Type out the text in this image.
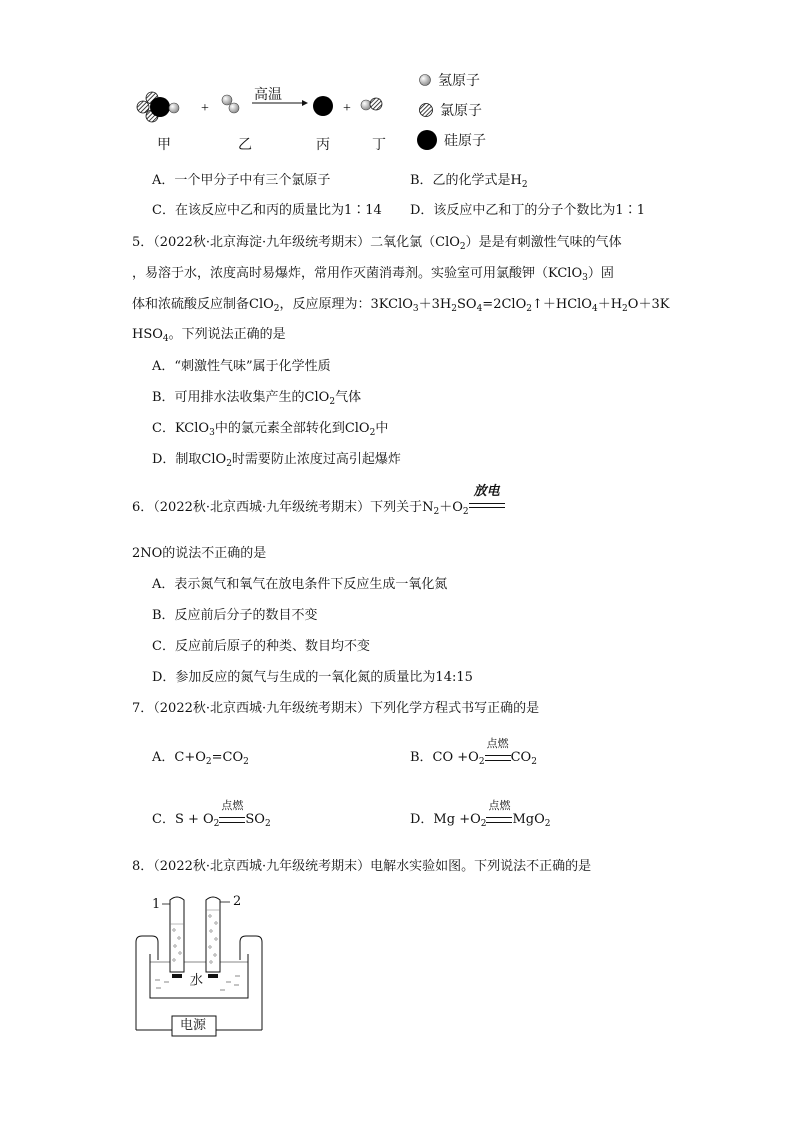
+	+
高温
甲	乙	丙	丁
氢原子
氯原子
硅原子
A．一个甲分子中有三个氯原子	B．乙的化学式是$H_2$
C．在该反应中乙和丙的质量比为1∶14 D．该反应中乙和丁的分子个数比为1∶1
5．（2022秋·北京海淀·九年级统考期末）二氧化氯（ClO$_2$）是是有刺激性气味的气体
，易溶于水，浓度高时易爆炸，常用作灭菌消毒剂。实验室可用氯酸钾（KClO$_3$）固
体和浓硫酸反应制备ClO$_2$，反应原理为：$3KClO_3+3H_2SO_4=2ClO_2↑+HClO_4+H_2O+3K$
$HSO_4$。下列说法正确的是
A．“刺激性气味”属于化学性质
B．可用排水法收集产生的ClO$_2$气体
C．KClO$_3$中的氯元素全部转化到ClO$_2$中
D．制取ClO$_2$时需要防止浓度过高引起爆炸
6．（2022秋·北京西城·九年级统考期末）下列关于$N_2+O_2$
放电
2NO的说法不正确的是
A．表示氮气和氧气在放电条件下反应生成一氧化氮
B．反应前后分子的数目不变
C．反应前后原子的种类、数目均不变
D．参加反应的氮气与生成的一氧化氮的质量比为14:15
7．（2022秋·北京西城·九年级统考期末）下列化学方程式书写正确的是
A．$C+O_2=CO_2$	B．CO $+O_2$
点燃
$CO_2$
C．$S + O_2$
点燃
$SO_2$	D．$Mg +O_2$
点燃
MgO$_2$
8．（2022秋·北京西城·九年级统考期末）电解水实验如图。下列说法不正确的是
1	2
水
电源
